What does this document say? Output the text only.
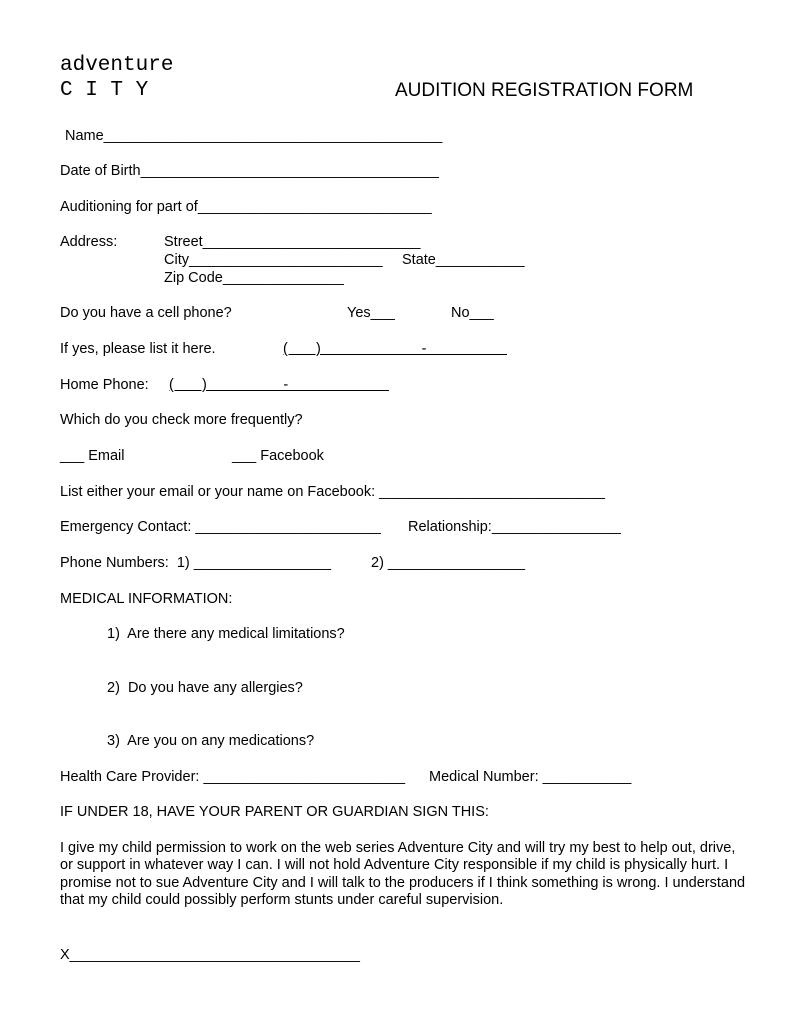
adventure
C I T Y	AUDITION REGISTRATION FORM
Name__________________________________________
Date of Birth_____________________________________
Auditioning for part of_____________________________
Address:	Street___________________________
City________________________ State___________
Zip Code_______________
Do you have a cell phone?	Yes___	No___
If yes, please list it here.	(       )                         -
Home Phone: (       )                   -
Which do you check more frequently?
___ Email	___ Facebook
List either your email or your name on Facebook: ____________________________
Emergency Contact: _______________________ Relationship:________________
Phone Numbers:  1) _________________	2) _________________
MEDICAL INFORMATION:
1)  Are there any medical limitations?
2)  Do you have any allergies?
3)  Are you on any medications?
Health Care Provider: _________________________ Medical Number: ___________
IF UNDER 18, HAVE YOUR PARENT OR GUARDIAN SIGN THIS:
I give my child permission to work on the web series Adventure City and will try my best to help out, drive, or support in whatever way I can. I will not hold Adventure City responsible if my child is physically hurt. I promise not to sue Adventure City and I will talk to the producers if I think something is wrong. I understand that my child could possibly perform stunts under careful supervision.
X____________________________________
